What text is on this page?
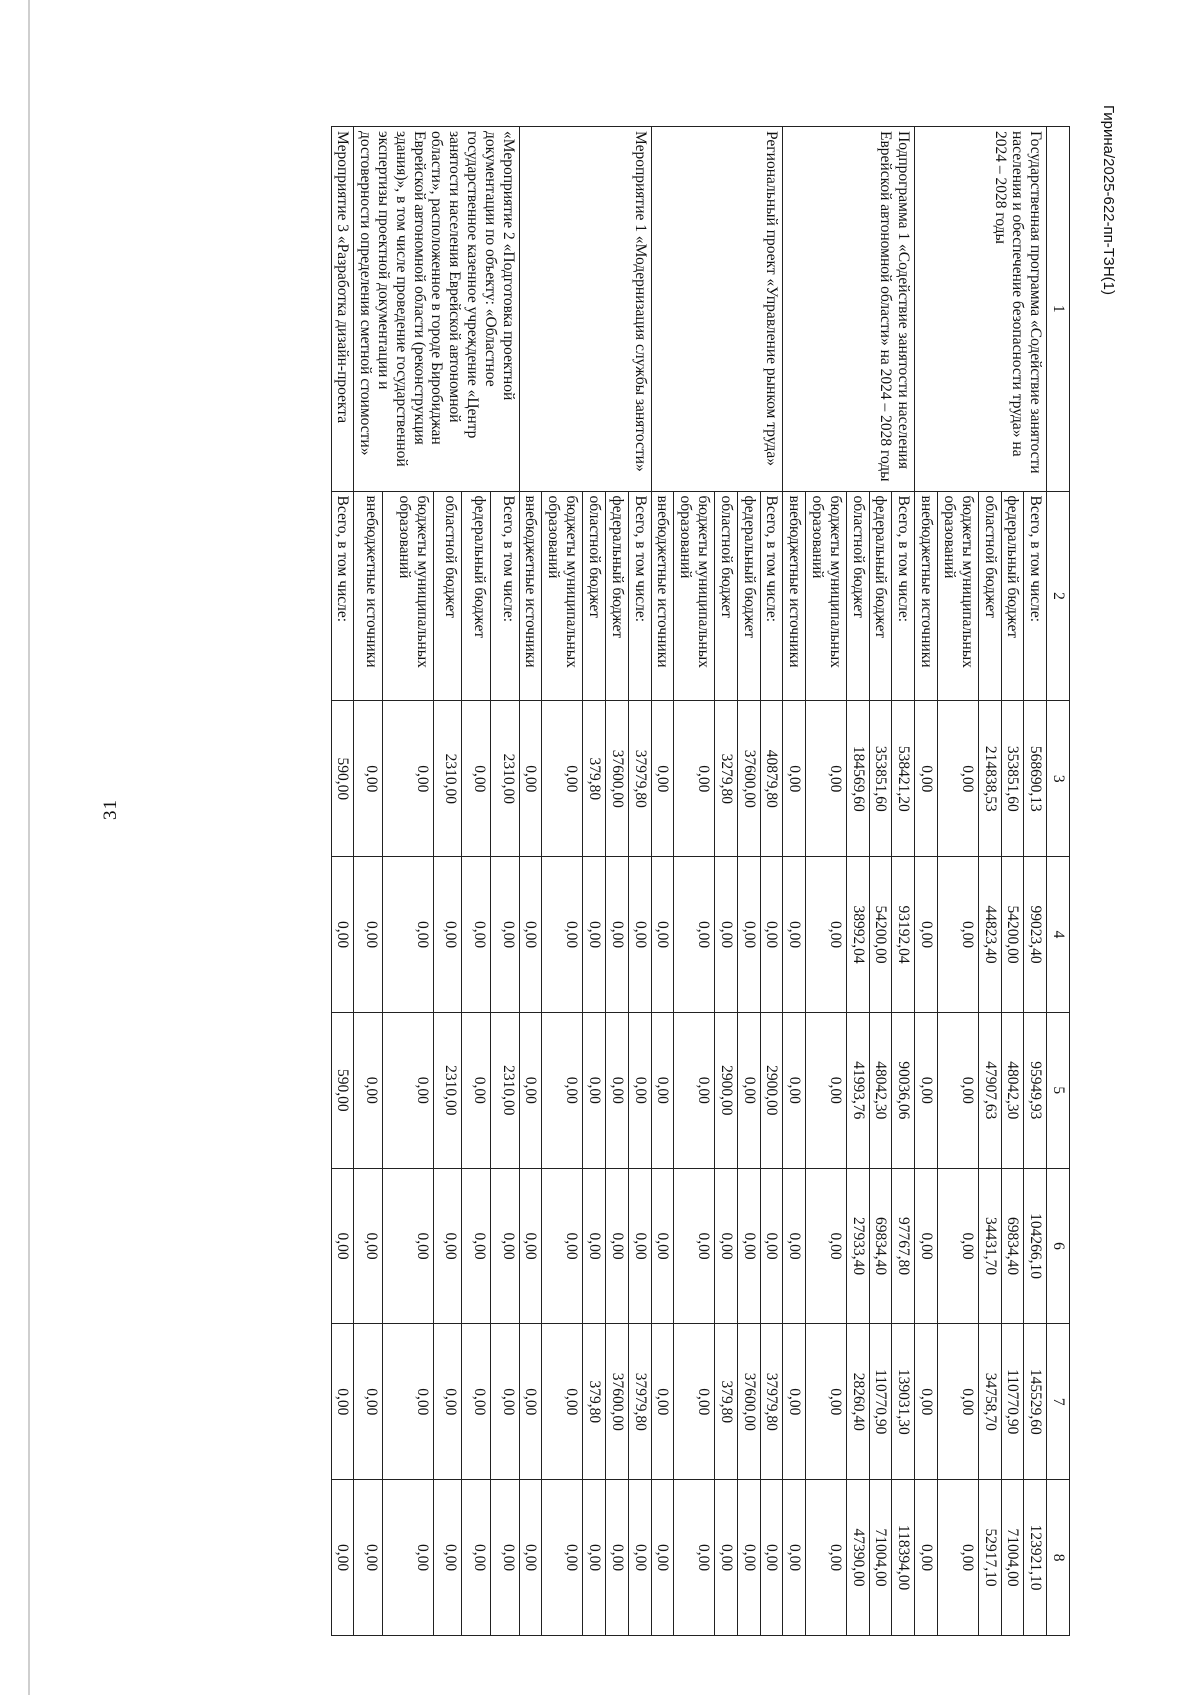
31
1	2	3	4	5	6	7	8
Государственная программа «Содействие занятости населения и обеспечение безопасности труда» на 2024 – 2028 годы	Всего, в том числе:	568690,13	99023,40	95949,93	104266,10	145529,60	123921,10
	федеральный бюджет	353851,60	54200,00	48042,30	69834,40	110770,90	71004,00
	областной бюджет	214838,53	44823,40	47907,63	34431,70	34758,70	52917,10
	бюджеты муниципальных образований	0,00	0,00	0,00	0,00	0,00	0,00
	внебюджетные источники	0,00	0,00	0,00	0,00	0,00	0,00
Подпрограмма 1 «Содействие занятости населения Еврейской автономной области» на 2024 – 2028 годы	Всего, в том числе:	538421,20	93192,04	90036,06	97767,80	139031,30	118394,00
	федеральный бюджет	353851,60	54200,00	48042,30	69834,40	110770,90	71004,00
	областной бюджет	184569,60	38992,04	41993,76	27933,40	28260,40	47390,00
	бюджеты муниципальных образований	0,00	0,00	0,00	0,00	0,00	0,00
	внебюджетные источники	0,00	0,00	0,00	0,00	0,00	0,00
Региональный проект «Управление рынком труда»	Всего, в том числе:	40879,80	0,00	2900,00	0,00	37979,80	0,00
	федеральный бюджет	37600,00	0,00	0,00	0,00	37600,00	0,00
	областной бюджет	3279,80	0,00	2900,00	0,00	379,80	0,00
	бюджеты муниципальных образований	0,00	0,00	0,00	0,00	0,00	0,00
	внебюджетные источники	0,00	0,00	0,00	0,00	0,00	0,00
Мероприятие 1 «Модернизация службы занятости»	Всего, в том числе:	37979,80	0,00	0,00	0,00	37979,80	0,00
	федеральный бюджет	37600,00	0,00	0,00	0,00	37600,00	0,00
	областной бюджет	379,80	0,00	0,00	0,00	379,80	0,00
	бюджеты муниципальных образований	0,00	0,00	0,00	0,00	0,00	0,00
	внебюджетные источники	0,00	0,00	0,00	0,00	0,00	0,00
«Мероприятие 2 «Подготовка проектной документации по объекту: «Областное государственное казенное учреждение «Центр занятости населения Еврейской автономной области», расположенное в городе Биробиджан Еврейской автономной области (реконструкция здания)», в том числе проведение государственной экспертизы проектной документации и достоверности определения сметной стоимости»	Всего, в том числе:	2310,00	0,00	2310,00	0,00	0,00	0,00
	федеральный бюджет	0,00	0,00	0,00	0,00	0,00	0,00
	областной бюджет	2310,00	0,00	2310,00	0,00	0,00	0,00
	бюджеты муниципальных образований	0,00	0,00	0,00	0,00	0,00	0,00
	внебюджетные источники	0,00	0,00	0,00	0,00	0,00	0,00
Мероприятие 3 «Разработка дизайн-проекта	Всего, в том числе:	590,00	0,00	590,00	0,00	0,00	0,00
Гирина/2025-622-пп-ТЗН(1)
